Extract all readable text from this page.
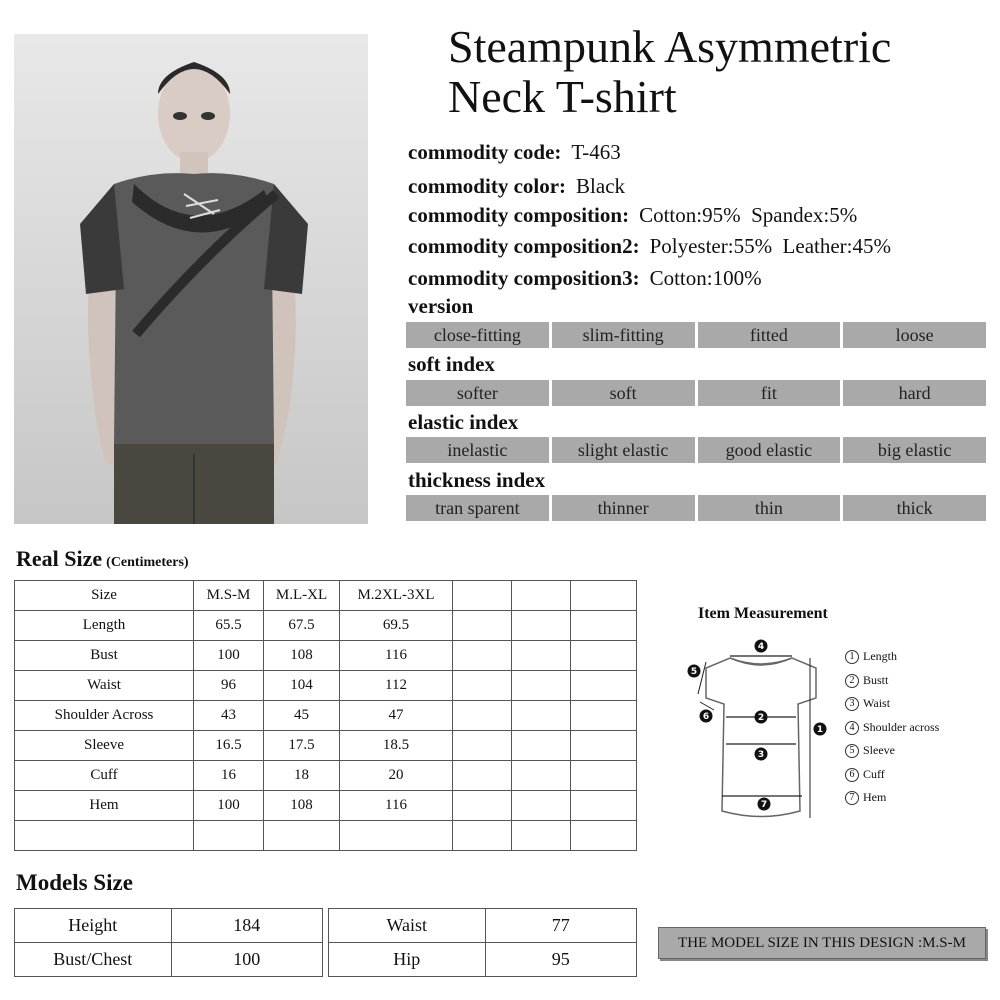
Steampunk Asymmetric
Neck T-shirt
commodity code: T-463
commodity color: Black
commodity composition: Cotton:95%  Spandex:5%
commodity composition2: Polyester:55%  Leather:45%
commodity composition3: Cotton:100%
version
close-fitting	slim-fitting	fitted	loose
soft index
softer	soft	fit	hard
elastic index
inelastic	slight elastic	good elastic	big elastic
thickness index
tran sparent	thinner	thin	thick
Real Size (Centimeters)
Size	M.S-M	M.L-XL	M.2XL-3XL			
Length	65.5	67.5	69.5			
Bust	100	108	116			
Waist	96	104	112			
Shoulder Across	43	45	47			
Sleeve	16.5	17.5	18.5			
Cuff	16	18	20			
Hem	100	108	116			

Item Measurement
4
5
2
1
6
3
7
1 Length
2 Bustt
3 Waist
4 Shoulder across
5 Sleeve
6 Cuff
7 Hem
Models Size
Height	184
Bust/Chest	100
Waist	77
Hip	95
THE MODEL SIZE IN THIS DESIGN :M.S-M
